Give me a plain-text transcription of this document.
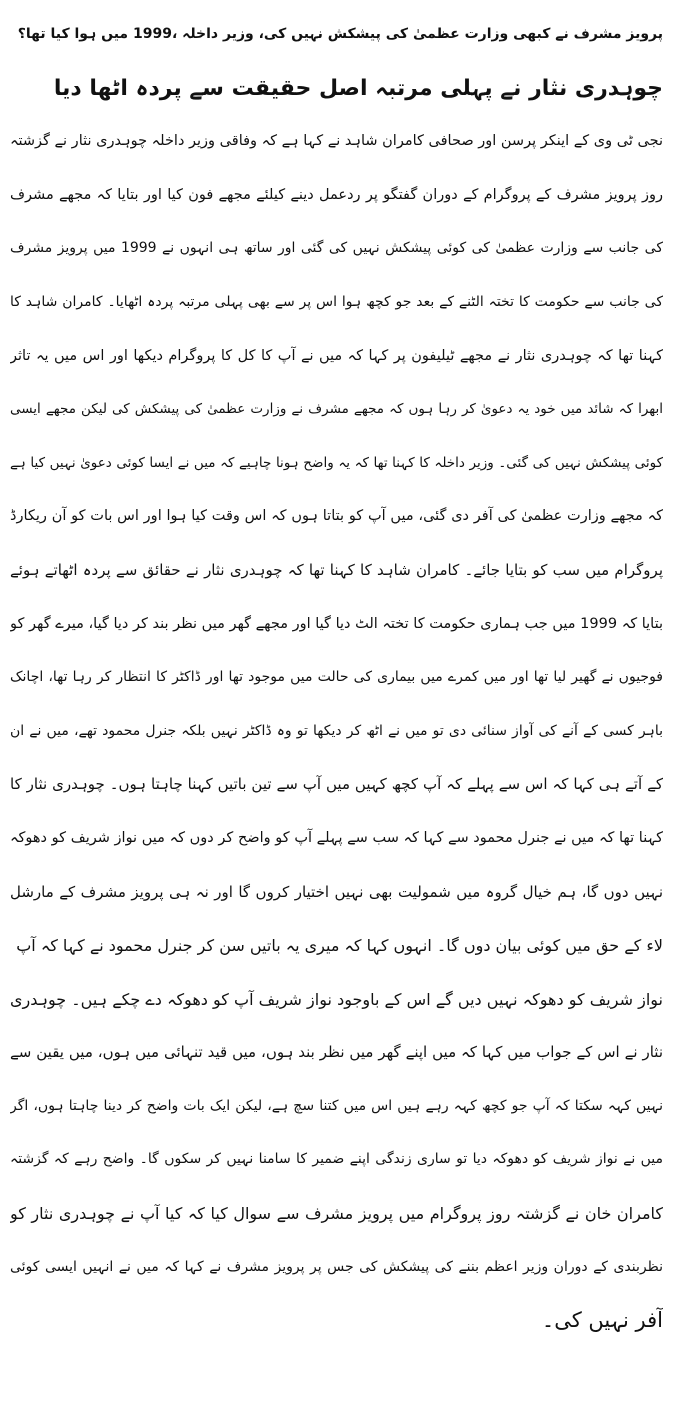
پرویز مشرف نے کبھی وزارت عظمیٰ کی پیشکش نہیں کی، وزیر داخلہ ،1999 میں ہوا کیا تھا؟
چوہدری نثار نے پہلی مرتبہ اصل حقیقت سے پردہ اٹھا دیا
نجی ٹی وی کے اینکر پرسن اور صحافی کامران شاہد نے کہا ہے کہ وفاقی وزیر داخلہ چوہدری نثار نے گزشتہ
روز پرویز مشرف کے پروگرام کے دوران گفتگو پر ردعمل دینے کیلئے مجھے فون کیا اور بتایا کہ مجھے مشرف
کی جانب سے وزارت عظمیٰ کی کوئی پیشکش نہیں کی گئی اور ساتھ ہی انہوں نے 1999 میں پرویز مشرف
کی جانب سے حکومت کا تختہ الٹنے کے بعد جو کچھ ہوا اس پر سے بھی پہلی مرتبہ پردہ اٹھایا۔ کامران شاہد کا
کہنا تھا کہ چوہدری نثار نے مجھے ٹیلیفون پر کہا کہ میں نے آپ کا کل کا پروگرام دیکھا اور اس میں یہ تاثر
ابھرا کہ شائد میں خود یہ دعویٰ کر رہا ہوں کہ مجھے مشرف نے وزارت عظمیٰ کی پیشکش کی لیکن مجھے ایسی
کوئی پیشکش نہیں کی گئی۔ وزیر داخلہ کا کہنا تھا کہ یہ واضح ہونا چاہیے کہ میں نے ایسا کوئی دعویٰ نہیں کیا ہے
کہ مجھے وزارت عظمیٰ کی آفر دی گئی، میں آپ کو بتاتا ہوں کہ اس وقت کیا ہوا اور اس بات کو آن ریکارڈ
پروگرام میں سب کو بتایا جائے۔ کامران شاہد کا کہنا تھا کہ چوہدری نثار نے حقائق سے پردہ اٹھاتے ہوئے
بتایا کہ 1999 میں جب ہماری حکومت کا تختہ الٹ دیا گیا اور مجھے گھر میں نظر بند کر دیا گیا، میرے گھر کو
فوجیوں نے گھیر لیا تھا اور میں کمرے میں بیماری کی حالت میں موجود تھا اور ڈاکٹر کا انتظار کر رہا تھا، اچانک
باہر کسی کے آنے کی آواز سنائی دی تو میں نے اٹھ کر دیکھا تو وہ ڈاکٹر نہیں بلکہ جنرل محمود تھے، میں نے ان
کے آتے ہی کہا کہ اس سے پہلے کہ آپ کچھ کہیں میں آپ سے تین باتیں کہنا چاہتا ہوں۔ چوہدری نثار کا
کہنا تھا کہ میں نے جنرل محمود سے کہا کہ سب سے پہلے آپ کو واضح کر دوں کہ میں نواز شریف کو دھوکہ
نہیں دوں گا، ہم خیال گروہ میں شمولیت بھی نہیں اختیار کروں گا اور نہ ہی پرویز مشرف کے مارشل
لاء کے حق میں کوئی بیان دوں گا۔ انہوں کہا کہ میری یہ باتیں سن کر جنرل محمود نے کہا کہ آپ
نواز شریف کو دھوکہ نہیں دیں گے اس کے باوجود نواز شریف آپ کو دھوکہ دے چکے ہیں۔ چوہدری
نثار نے اس کے جواب میں کہا کہ میں اپنے گھر میں نظر بند ہوں، میں قید تنہائی میں ہوں، میں یقین سے
نہیں کہہ سکتا کہ آپ جو کچھ کہہ رہے ہیں اس میں کتنا سچ ہے، لیکن ایک بات واضح کر دینا چاہتا ہوں، اگر
میں نے نواز شریف کو دھوکہ دیا تو ساری زندگی اپنے ضمیر کا سامنا نہیں کر سکوں گا۔ واضح رہے کہ گزشتہ
کامران خان نے گزشتہ روز پروگرام میں پرویز مشرف سے سوال کیا کہ کیا آپ نے چوہدری نثار کو
نظربندی کے دوران وزیر اعظم بننے کی پیشکش کی جس پر پرویز مشرف نے کہا کہ میں نے انہیں ایسی کوئی
آفر نہیں کی۔
